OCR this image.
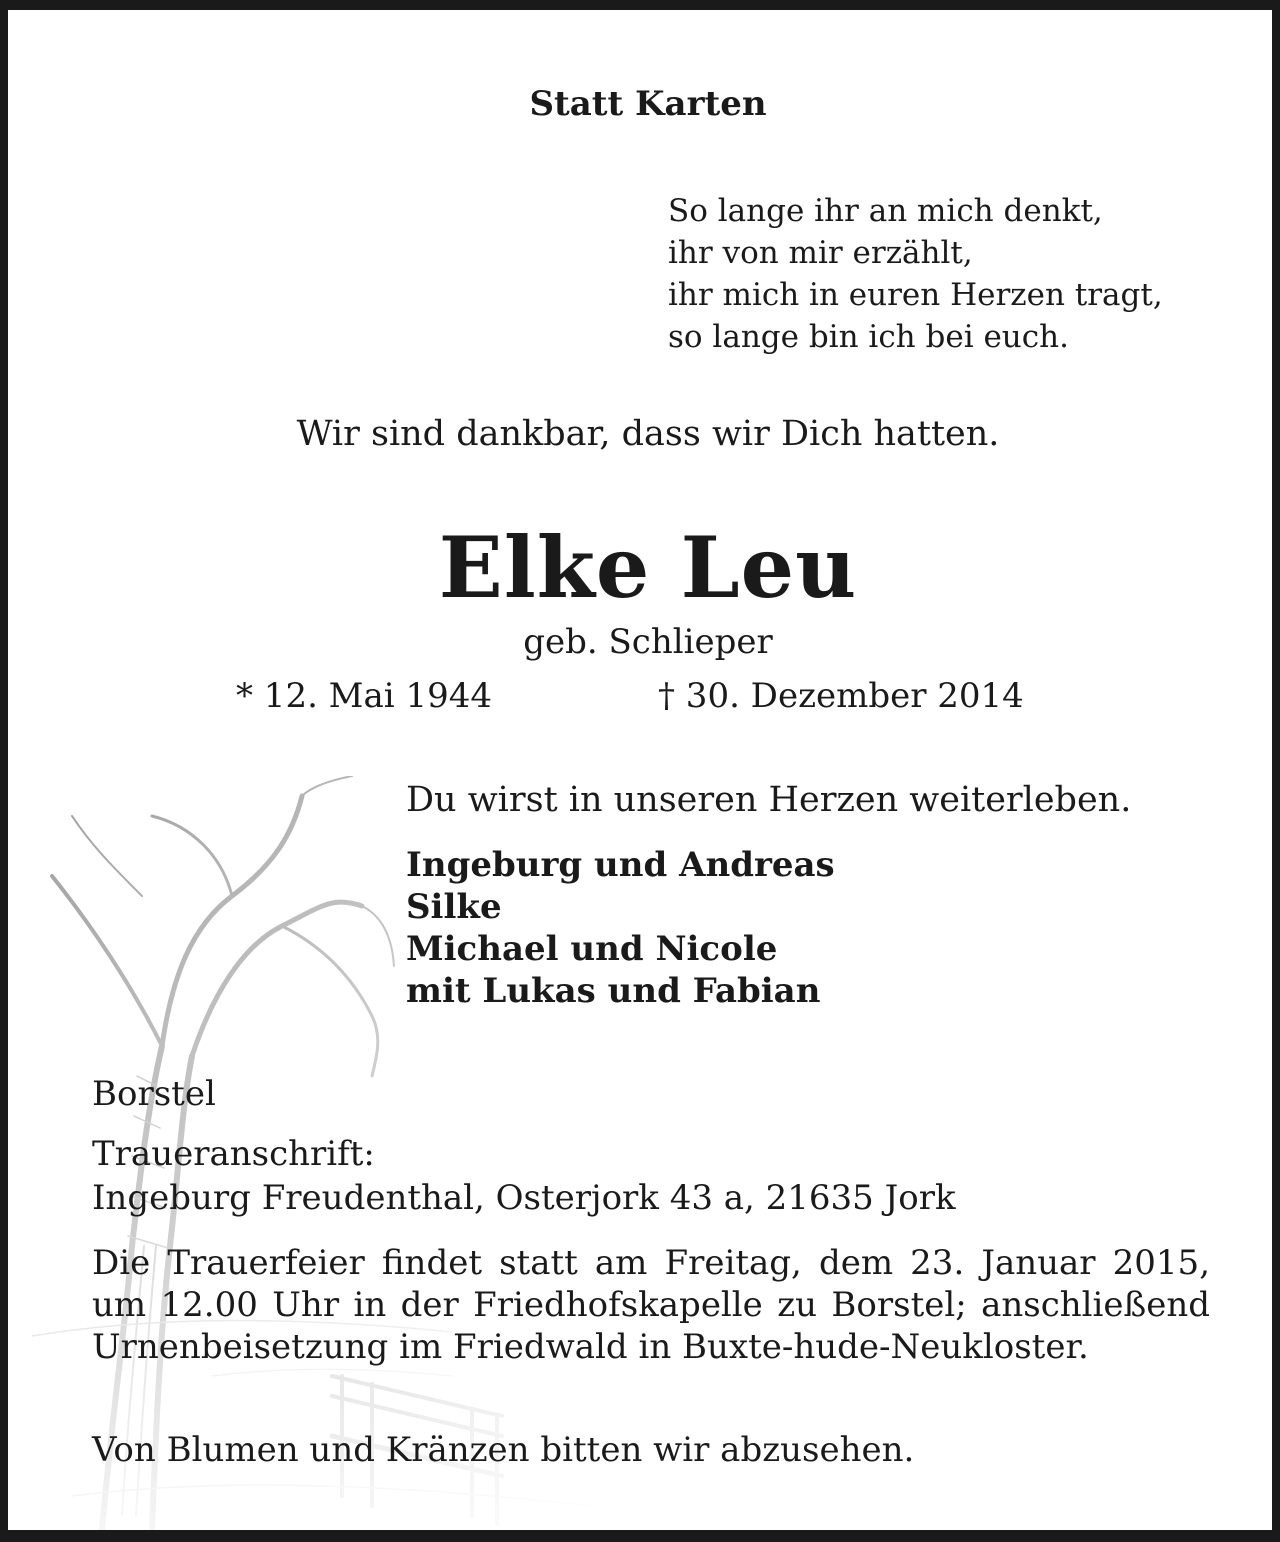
Statt Karten
So lange ihr an mich denkt,
ihr von mir erzählt,
ihr mich in euren Herzen tragt,
so lange bin ich bei euch.
Wir sind dankbar, dass wir Dich hatten.
Elke Leu
geb. Schlieper
* 12. Mai 1944	† 30. Dezember 2014
Du wirst in unseren Herzen weiterleben.
Ingeburg und Andreas
Silke
Michael und Nicole
mit Lukas und Fabian
Borstel
Traueranschrift:
Ingeburg Freudenthal, Osterjork 43 a, 21635 Jork
Die Trauerfeier findet statt am Freitag, dem 23. Januar 2015, um 12.00 Uhr in der Friedhofskapelle zu Borstel; anschließend Urnenbeisetzung im Friedwald in Buxte-hude-Neukloster.
Von Blumen und Kränzen bitten wir abzusehen.
